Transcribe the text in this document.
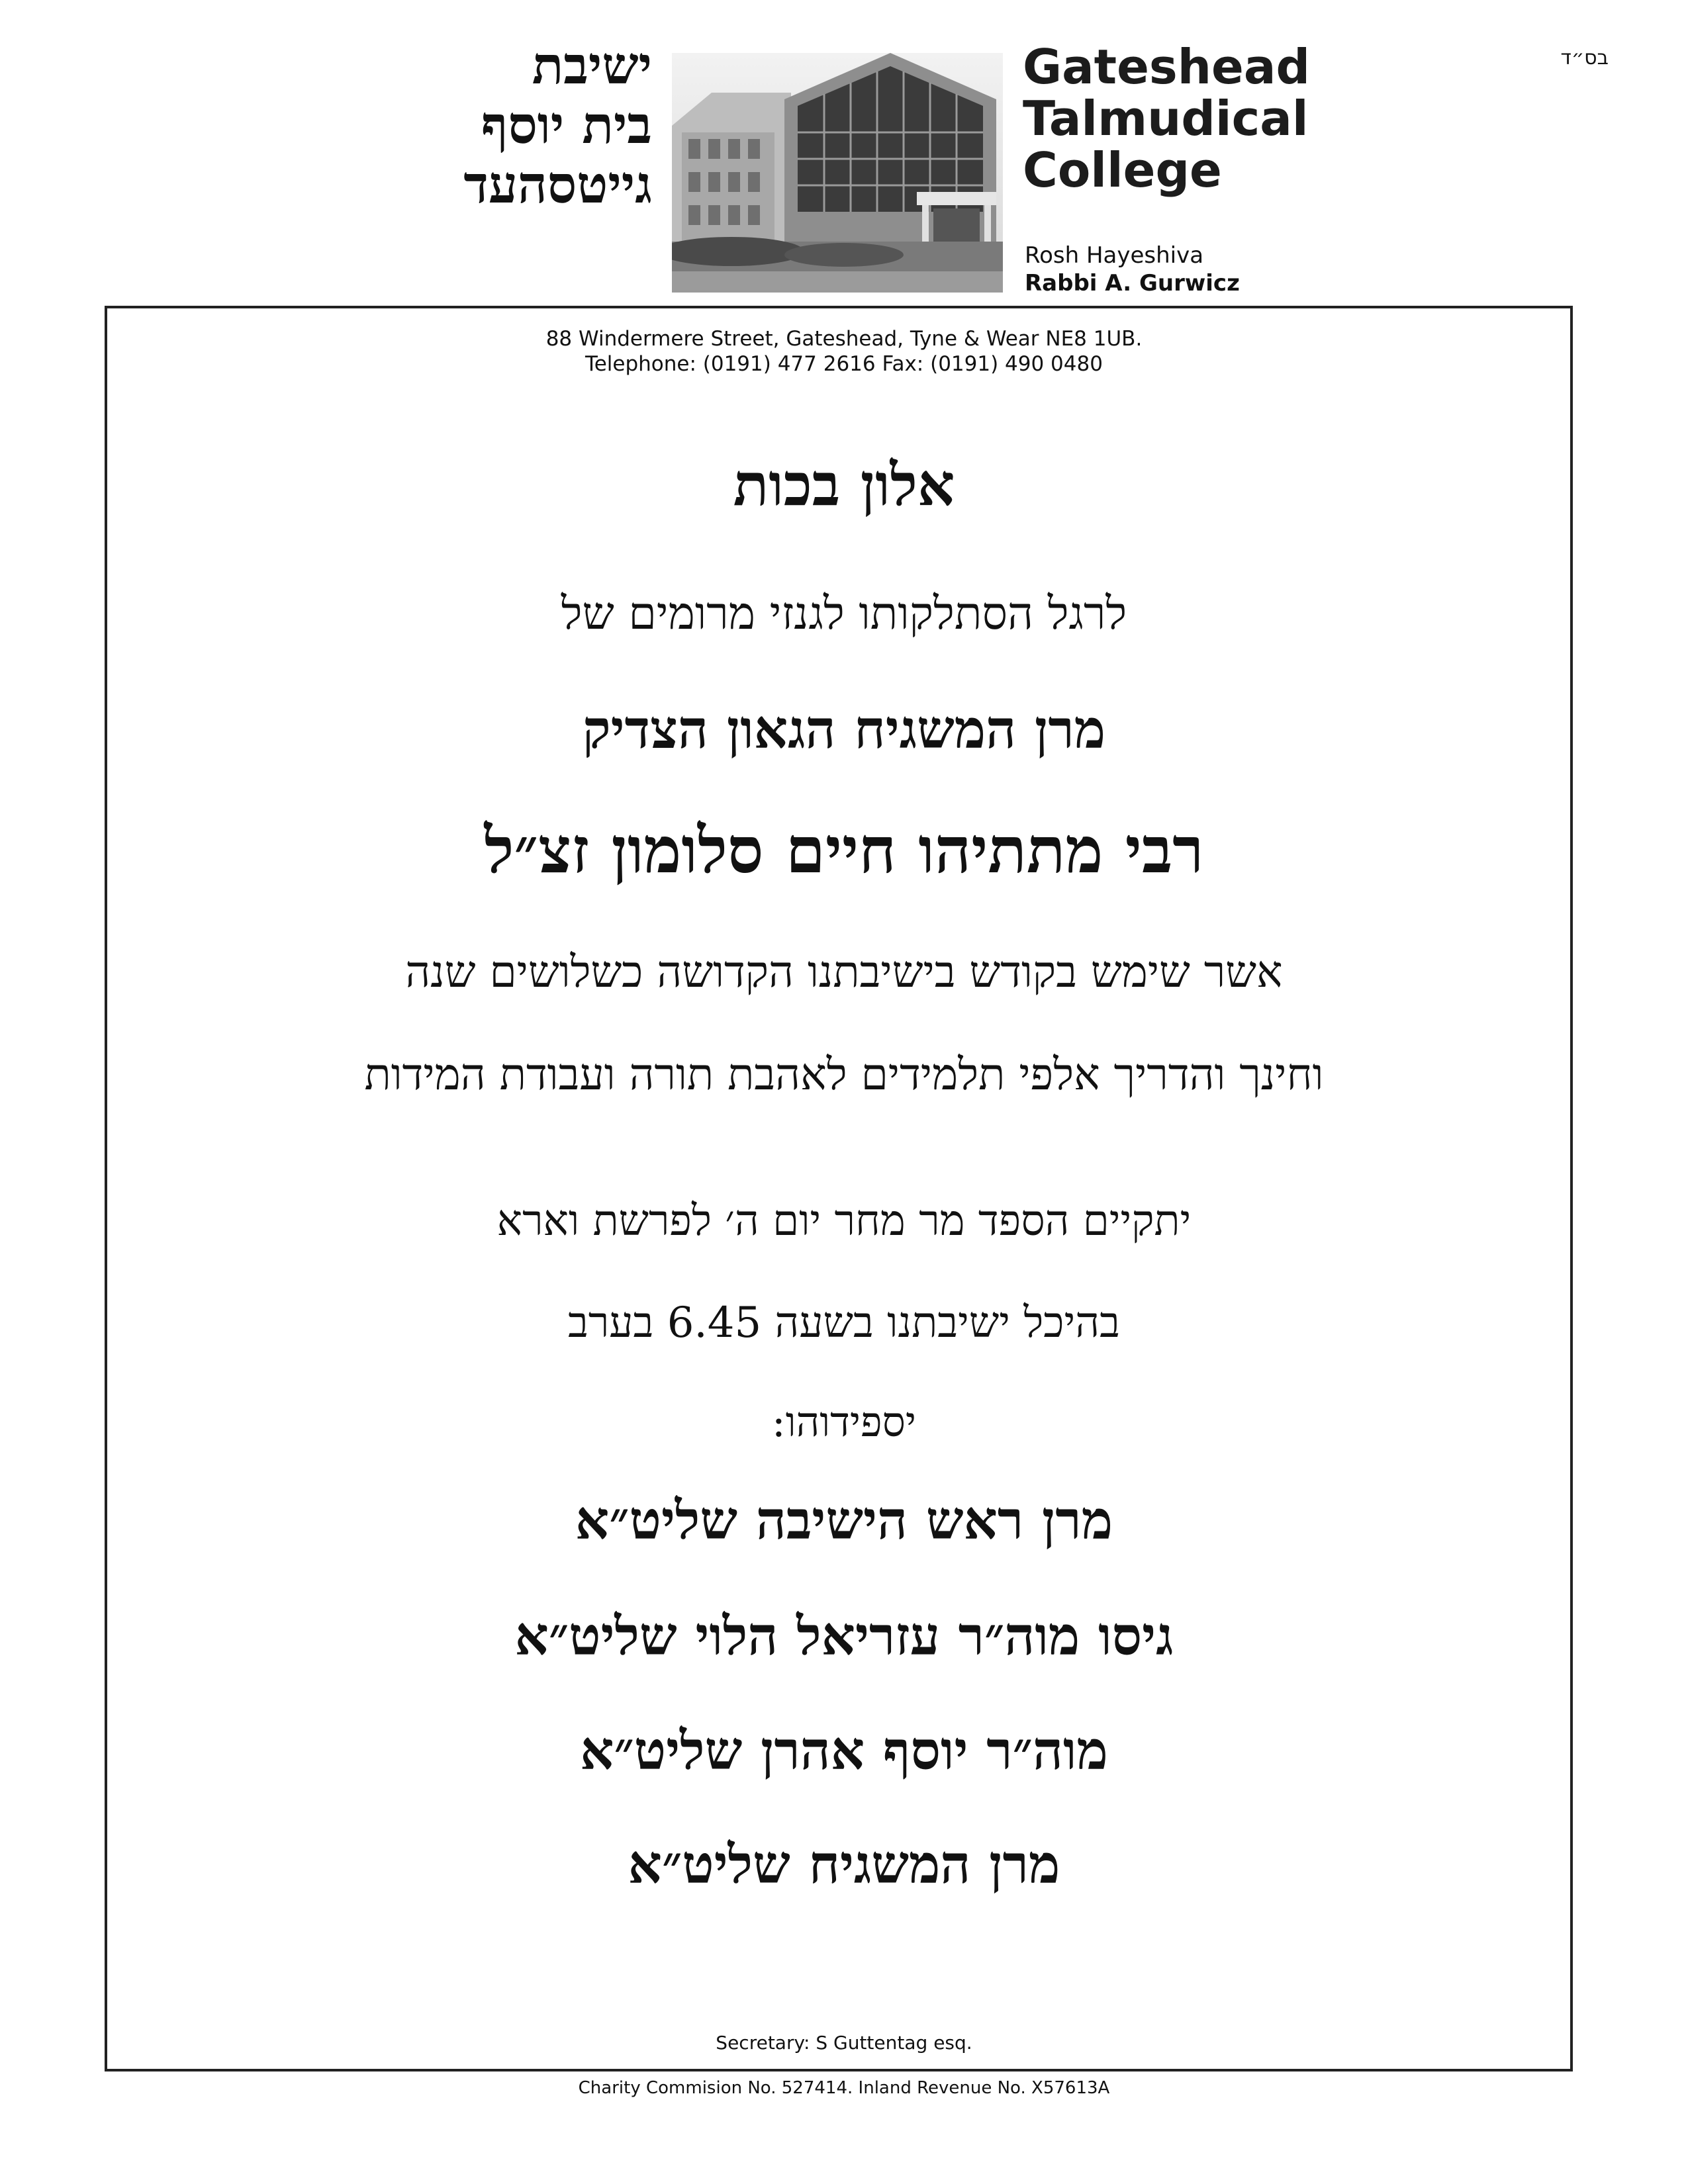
בס״ד
ישיבת
בית יוסף
גייטסהעד
Gateshead
Talmudical
College
Rosh Hayeshiva
Rabbi A. Gurwicz
88 Windermere Street, Gateshead, Tyne & Wear NE8 1UB.
Telephone: (0191) 477 2616 Fax: (0191) 490 0480
אלון בכות
לרגל הסתלקותו לגנזי מרומים של
מרן המשגיח הגאון הצדיק
רבי מתתיהו חיים סלומון זצ״ל
אשר שימש בקודש בישיבתנו הקדושה כשלושים שנה
וחינך והדריך אלפי תלמידים לאהבת תורה ועבודת המידות
יתקיים הספד מר מחר יום ה׳ לפרשת וארא
בהיכל ישיבתנו בשעה 6.45 בערב
יספידוהו:
מרן ראש הישיבה שליט״א
גיסו מוה״ר עזריאל הלוי שליט״א
מוה״ר יוסף אהרן שליט״א
מרן המשגיח שליט״א
Secretary: S Guttentag esq.
Charity Commision No. 527414. Inland Revenue No. X57613A
